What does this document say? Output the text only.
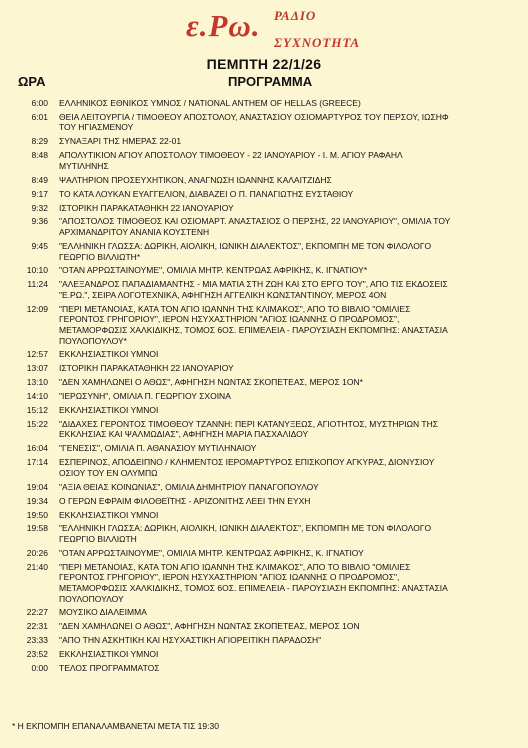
ε.Ρω. ΡΑΔΙΟ
ΣΥΧΝΟΤΗΤΑ
ΠΕΜΠΤΗ 22/1/26
ΩΡΑ	ΠΡΟΓΡΑΜΜΑ
6:00 ΕΛΛΗΝΙΚΟΣ ΕΘΝΙΚΟΣ ΥΜΝΟΣ / NATIONAL ANTHEM OF HELLAS (GREECE)
6:01 ΘΕΙΑ ΛΕΙΤΟΥΡΓΙΑ / ΤΙΜΟΘΕΟΥ ΑΠΟΣΤΟΛΟΥ, ΑΝΑΣΤΑΣΙΟΥ ΟΣΙΟΜΑΡΤΥΡΟΣ ΤΟΥ ΠΕΡΣΟΥ, ΙΩΣΗΦ
ΤΟΥ ΗΓΙΑΣΜΕΝΟΥ
8:29 ΣΥΝΑΞΑΡΙ ΤΗΣ ΗΜΕΡΑΣ 22-01
8:48 ΑΠΟΛΥΤΙΚΙΟΝ ΑΓΙΟΥ ΑΠΟΣΤΟΛΟΥ ΤΙΜΟΘΕΟΥ - 22 ΙΑΝΟΥΑΡΙΟΥ - Ι. Μ. ΑΓΙΟΥ ΡΑΦΑΗΛ
ΜΥΤΙΛΗΝΗΣ
8:49 ΨΑΛΤΗΡΙΟΝ ΠΡΟΣΕΥΧΗΤΙΚΟΝ, ΑΝΑΓΝΩΣΗ ΙΩΑΝΝΗΣ ΚΑΛΑΙΤΖΙΔΗΣ
9:17 ΤΟ ΚΑΤΑ ΛΟΥΚΑΝ ΕΥΑΓΓΕΛΙΟΝ, ΔΙΑΒΑΖΕΙ Ο Π. ΠΑΝΑΓΙΩΤΗΣ ΕΥΣΤΑΘΙΟΥ
9:32 ΙΣΤΟΡΙΚΗ ΠΑΡΑΚΑΤΑΘΗΚΗ 22 ΙΑΝΟΥΑΡΙΟΥ
9:36 "ΑΠΟΣΤΟΛΟΣ ΤΙΜΟΘΕΟΣ ΚΑΙ ΟΣΙΟΜΑΡΤ. ΑΝΑΣΤΑΣΙΟΣ Ο ΠΕΡΣΗΣ, 22 ΙΑΝΟΥΑΡΙΟΥ", ΟΜΙΛΙΑ ΤΟΥ
ΑΡΧΙΜΑΝΔΡΙΤΟΥ ΑΝΑΝΙΑ ΚΟΥΣΤΕΝΗ
9:45 "ΕΛΛΗΝΙΚΗ ΓΛΩΣΣΑ: ΔΩΡΙΚΗ, ΑΙΟΛΙΚΗ, ΙΩΝΙΚΗ ΔΙΑΛΕΚΤΟΣ", ΕΚΠΟΜΠΗ ΜΕ ΤΟΝ ΦΙΛΟΛΟΓΟ
ΓΕΩΡΓΙΟ ΒΙΛΛΙΩΤΗ*
10:10 "ΟΤΑΝ ΑΡΡΩΣΤΑΙΝΟΥΜΕ", ΟΜΙΛΙΑ ΜΗΤΡ. ΚΕΝΤΡΩΑΣ ΑΦΡΙΚΗΣ, Κ. ΙΓΝΑΤΙΟΥ*
11:24 "ΑΛΕΞΑΝΔΡΟΣ ΠΑΠΑΔΙΑΜΑΝΤΗΣ - ΜΙΑ ΜΑΤΙΑ ΣΤΗ ΖΩΗ ΚΑΙ ΣΤΟ ΕΡΓΟ ΤΟΥ", ΑΠΟ ΤΙΣ ΕΚΔΟΣΕΙΣ
"Ε.ΡΩ.", ΣΕΙΡΑ ΛΟΓΟΤΕΧΝΙΚΑ, ΑΦΗΓΗΣΗ ΑΓΓΕΛΙΚΗ ΚΩΝΣΤΑΝΤΙΝΟΥ, ΜΕΡΟΣ 4ΟΝ
12:09 "ΠΕΡΙ ΜΕΤΑΝΟΙΑΣ, ΚΑΤΑ ΤΟΝ ΑΓΙΟ ΙΩΑΝΝΗ ΤΗΣ ΚΛΙΜΑΚΟΣ", ΑΠΟ ΤΟ ΒΙΒΛΙΟ "ΟΜΙΛΙΕΣ
ΓΕΡΟΝΤΟΣ ΓΡΗΓΟΡΙΟΥ", ΙΕΡΟΝ ΗΣΥΧΑΣΤΗΡΙΟΝ "ΑΓΙΟΣ ΙΩΑΝΝΗΣ Ο ΠΡΟΔΡΟΜΟΣ",
ΜΕΤΑΜΟΡΦΩΣΙΣ ΧΑΛΚΙΔΙΚΗΣ, ΤΟΜΟΣ 6ΟΣ. ΕΠΙΜΕΛΕΙΑ - ΠΑΡΟΥΣΙΑΣΗ ΕΚΠΟΜΠΗΣ: ΑΝΑΣΤΑΣΙΑ
ΠΟΥΛΟΠΟΥΛΟΥ*
12:57 ΕΚΚΛΗΣΙΑΣΤΙΚΟΙ ΥΜΝΟΙ
13:07 ΙΣΤΟΡΙΚΗ ΠΑΡΑΚΑΤΑΘΗΚΗ 22 ΙΑΝΟΥΑΡΙΟΥ
13:10 "ΔΕΝ ΧΑΜΗΛΩΝΕΙ Ο ΑΘΩΣ", ΑΦΗΓΗΣΗ ΝΩΝΤΑΣ ΣΚΟΠΕΤΕΑΣ, ΜΕΡΟΣ 1ΟΝ*
14:10 "ΙΕΡΩΣΥΝΗ", ΟΜΙΛΙΑ Π. ΓΕΩΡΓΙΟΥ ΣΧΟΙΝΑ
15:12 ΕΚΚΛΗΣΙΑΣΤΙΚΟΙ ΥΜΝΟΙ
15:22 "ΔΙΔΑΧΕΣ ΓΕΡΟΝΤΟΣ ΤΙΜΟΘΕΟΥ ΤΖΑΝΝΗ: ΠΕΡΙ ΚΑΤΑΝΥΞΕΩΣ, ΑΓΙΟΤΗΤΟΣ, ΜΥΣΤΗΡΙΩΝ ΤΗΣ
ΕΚΚΛΗΣΙΑΣ ΚΑΙ ΨΑΛΜΩΔΙΑΣ", ΑΦΗΓΗΣΗ ΜΑΡΙΑ ΠΑΣΧΑΛΙΔΟΥ
16:04 "ΓΕΝΕΣΙΣ", ΟΜΙΛΙΑ Π. ΑΘΑΝΑΣΙΟΥ ΜΥΤΙΛΗΝΑΙΟΥ
17:14 ΕΣΠΕΡΙΝΟΣ, ΑΠΟΔΕΙΠΝΟ / ΚΛΗΜΕΝΤΟΣ ΙΕΡΟΜΑΡΤΥΡΟΣ ΕΠΙΣΚΟΠΟΥ ΑΓΚΥΡΑΣ, ΔΙΟΝΥΣΙΟΥ
ΟΣΙΟΥ ΤΟΥ ΕΝ ΟΛΥΜΠΩ
19:04 "ΑΞΙΑ ΘΕΙΑΣ ΚΟΙΝΩΝΙΑΣ", ΟΜΙΛΙΑ ΔΗΜΗΤΡΙΟΥ ΠΑΝΑΓΟΠΟΥΛΟΥ
19:34 Ο ΓΕΡΩΝ ΕΦΡΑΙΜ ΦΙΛΟΘΕΪΤΗΣ - ΑΡΙΖΟΝΙΤΗΣ ΛΕΕΙ ΤΗΝ ΕΥΧΗ
19:50 ΕΚΚΛΗΣΙΑΣΤΙΚΟΙ ΥΜΝΟΙ
19:58 "ΕΛΛΗΝΙΚΗ ΓΛΩΣΣΑ: ΔΩΡΙΚΗ, ΑΙΟΛΙΚΗ, ΙΩΝΙΚΗ ΔΙΑΛΕΚΤΟΣ", ΕΚΠΟΜΠΗ ΜΕ ΤΟΝ ΦΙΛΟΛΟΓΟ
ΓΕΩΡΓΙΟ ΒΙΛΛΙΩΤΗ
20:26 "ΟΤΑΝ ΑΡΡΩΣΤΑΙΝΟΥΜΕ", ΟΜΙΛΙΑ ΜΗΤΡ. ΚΕΝΤΡΩΑΣ ΑΦΡΙΚΗΣ, Κ. ΙΓΝΑΤΙΟΥ
21:40 "ΠΕΡΙ ΜΕΤΑΝΟΙΑΣ, ΚΑΤΑ ΤΟΝ ΑΓΙΟ ΙΩΑΝΝΗ ΤΗΣ ΚΛΙΜΑΚΟΣ", ΑΠΟ ΤΟ ΒΙΒΛΙΟ "ΟΜΙΛΙΕΣ
ΓΕΡΟΝΤΟΣ ΓΡΗΓΟΡΙΟΥ", ΙΕΡΟΝ ΗΣΥΧΑΣΤΗΡΙΟΝ "ΑΓΙΟΣ ΙΩΑΝΝΗΣ Ο ΠΡΟΔΡΟΜΟΣ",
ΜΕΤΑΜΟΡΦΩΣΙΣ ΧΑΛΚΙΔΙΚΗΣ, ΤΟΜΟΣ 6ΟΣ. ΕΠΙΜΕΛΕΙΑ - ΠΑΡΟΥΣΙΑΣΗ ΕΚΠΟΜΠΗΣ: ΑΝΑΣΤΑΣΙΑ
ΠΟΥΛΟΠΟΥΛΟΥ
22:27 ΜΟΥΣΙΚΟ ΔΙΑΛΕΙΜΜΑ
22:31 "ΔΕΝ ΧΑΜΗΛΩΝΕΙ Ο ΑΘΩΣ", ΑΦΗΓΗΣΗ ΝΩΝΤΑΣ ΣΚΟΠΕΤΕΑΣ, ΜΕΡΟΣ 1ΟΝ
23:33 "ΑΠΟ ΤΗΝ ΑΣΚΗΤΙΚΗ ΚΑΙ ΗΣΥΧΑΣΤΙΚΗ ΑΓΙΟΡΕΙΤΙΚΗ ΠΑΡΑΔΟΣΗ"
23:52 ΕΚΚΛΗΣΙΑΣΤΙΚΟΙ ΥΜΝΟΙ
0:00 ΤΕΛΟΣ ΠΡΟΓΡΑΜΜΑΤΟΣ
* Η ΕΚΠΟΜΠΗ ΕΠΑΝΑΛΑΜΒΑΝΕΤΑΙ ΜΕΤΑ ΤΙΣ 19:30
